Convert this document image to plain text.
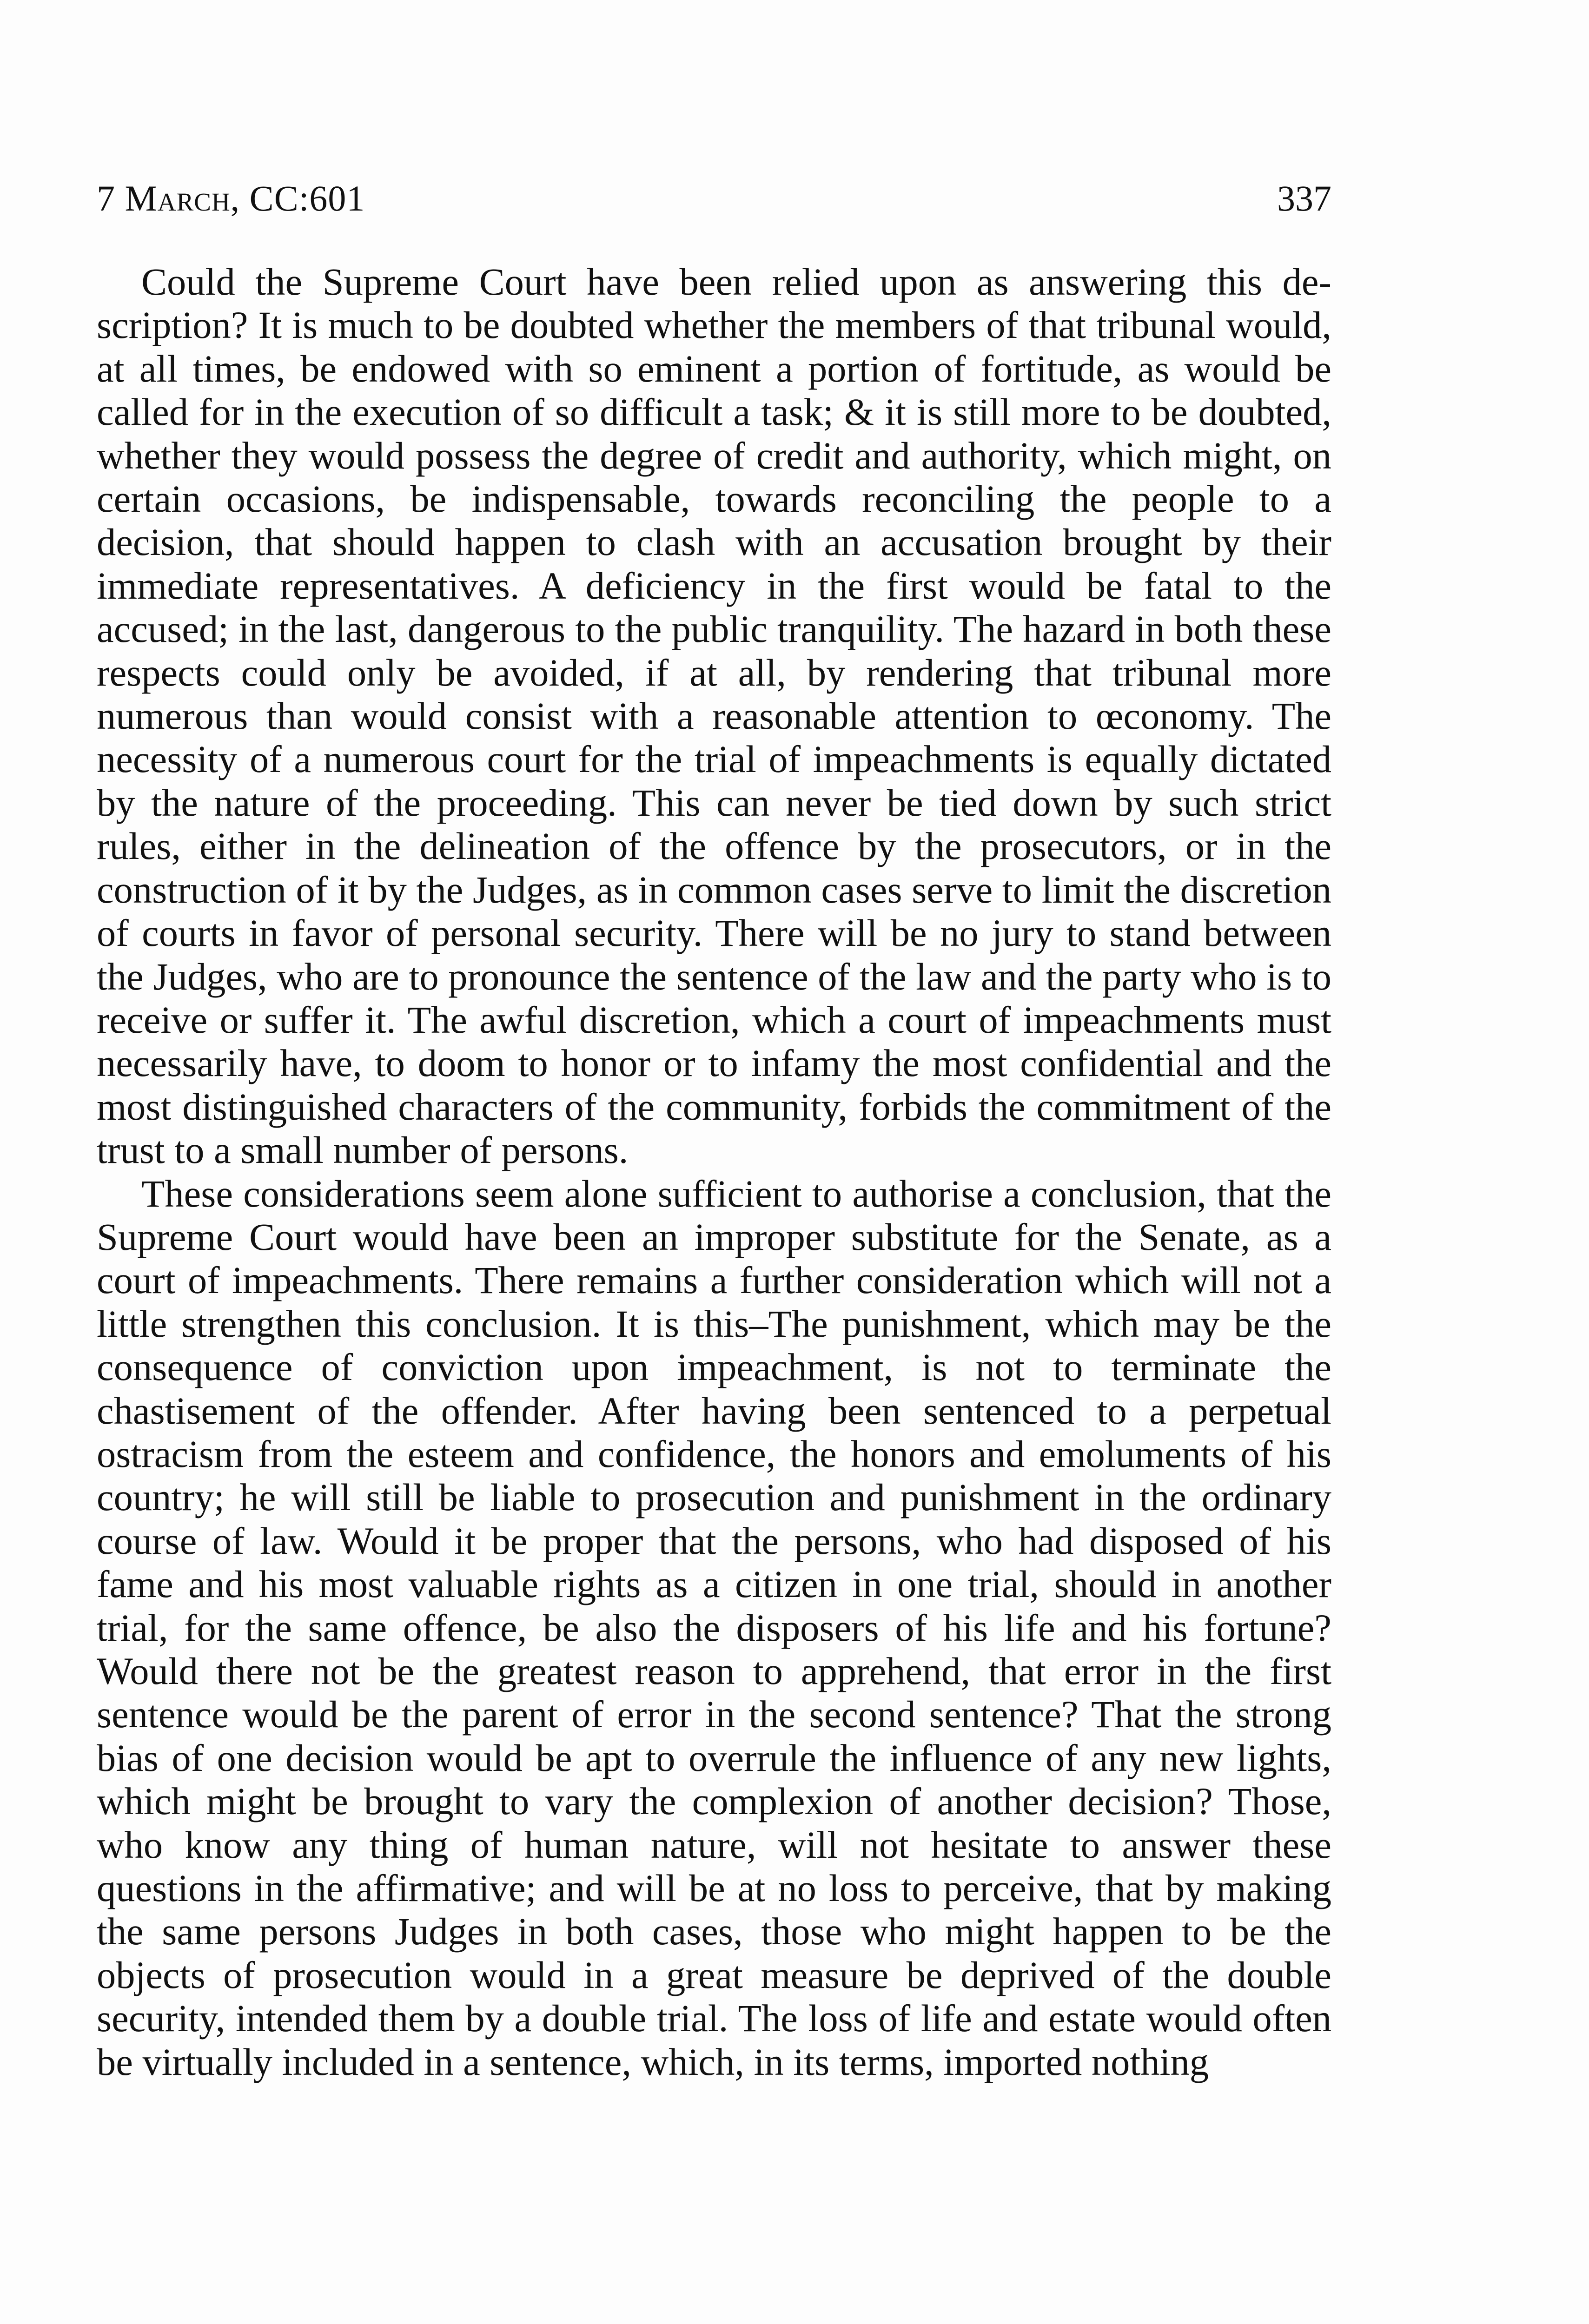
7 March, CC:601	337

Could the Supreme Court have been relied upon as answering this description? It is much to be doubted whether the members of that tribunal would, at all times, be endowed with so eminent a portion of fortitude, as would be called for in the execution of so difficult a task; & it is still more to be doubted, whether they would possess the degree of credit and authority, which might, on certain occasions, be indispensable, towards reconciling the people to a decision, that should happen to clash with an accusation brought by their immediate representatives. A deficiency in the first would be fatal to the accused; in the last, dangerous to the public tranquility. The hazard in both these respects could only be avoided, if at all, by rendering that tribunal more numerous than would consist with a reasonable attention to œconomy. The necessity of a numerous court for the trial of impeachments is equally dictated by the nature of the proceeding. This can never be tied down by such strict rules, either in the delineation of the offence by the prosecutors, or in the construction of it by the Judges, as in common cases serve to limit the discretion of courts in favor of personal security. There will be no jury to stand between the Judges, who are to pronounce the sentence of the law and the party who is to receive or suffer it. The awful discretion, which a court of impeachments must necessarily have, to doom to honor or to infamy the most confidential and the most distinguished characters of the community, forbids the commitment of the trust to a small number of persons.

These considerations seem alone sufficient to authorise a conclusion, that the Supreme Court would have been an improper substitute for the Senate, as a court of impeachments. There remains a further consideration which will not a little strengthen this conclusion. It is this–The punishment, which may be the consequence of conviction upon impeachment, is not to terminate the chastisement of the offender. After having been sentenced to a perpetual ostracism from the esteem and confidence, the honors and emoluments of his country; he will still be liable to prosecution and punishment in the ordinary course of law. Would it be proper that the persons, who had disposed of his fame and his most valuable rights as a citizen in one trial, should in another trial, for the same offence, be also the disposers of his life and his fortune? Would there not be the greatest reason to apprehend, that error in the first sentence would be the parent of error in the second sentence? That the strong bias of one decision would be apt to overrule the influence of any new lights, which might be brought to vary the complexion of another decision? Those, who know any thing of human nature, will not hesitate to answer these questions in the affirmative; and will be at no loss to perceive, that by making the same persons Judges in both cases, those who might happen to be the objects of prosecution would in a great measure be deprived of the double security, intended them by a double trial. The loss of life and estate would often be virtually included in a sentence, which, in its terms, imported nothing
